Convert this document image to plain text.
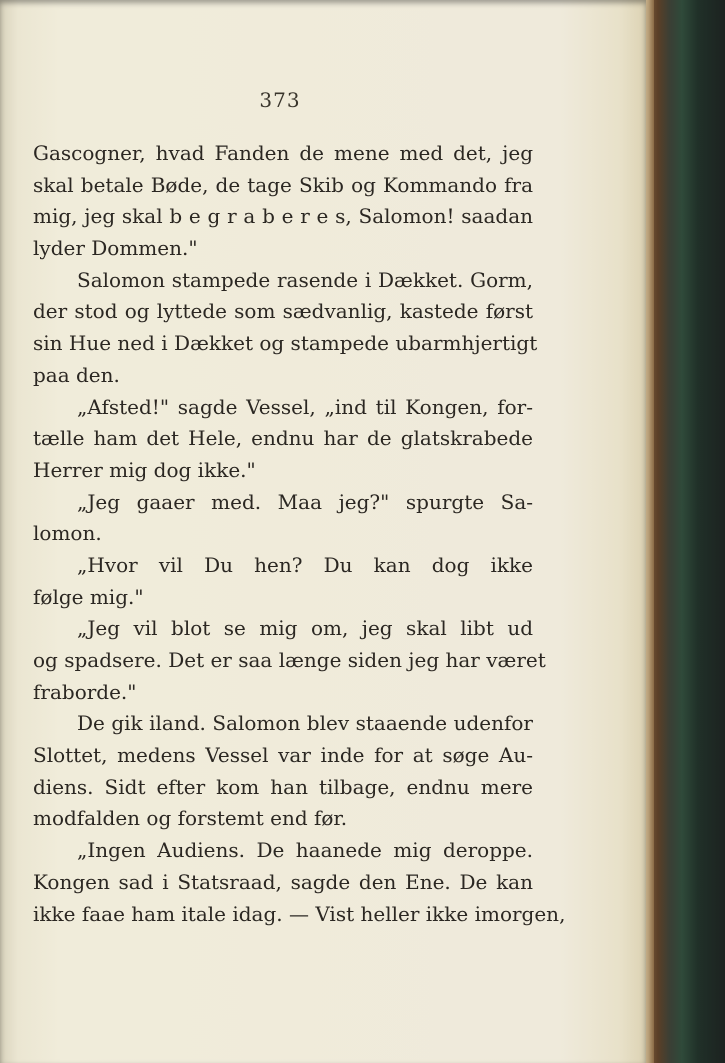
373
Gascogner, hvad Fanden de mene med det, jeg
skal betale Bøde, de tage Skib og Kommando fra
mig, jeg skal b e g r a b e r e s, Salomon! saadan
lyder Dommen."
Salomon stampede rasende i Dækket. Gorm,
der stod og lyttede som sædvanlig, kastede først
sin Hue ned i Dækket og stampede ubarmhjertigt
paa den.
„Afsted!" sagde Vessel, „ind til Kongen, for-
tælle ham det Hele, endnu har de glatskrabede
Herrer mig dog ikke."
„Jeg gaaer med. Maa jeg?" spurgte Sa-
lomon.
„Hvor vil Du hen? Du kan dog ikke
følge mig."
„Jeg vil blot se mig om, jeg skal libt ud
og spadsere. Det er saa længe siden jeg har været
fraborde."
De gik iland. Salomon blev staaende udenfor
Slottet, medens Vessel var inde for at søge Au-
diens. Sidt efter kom han tilbage, endnu mere
modfalden og forstemt end før.
„Ingen Audiens. De haanede mig deroppe.
Kongen sad i Statsraad, sagde den Ene. De kan
ikke faae ham itale idag. — Vist heller ikke imorgen,
